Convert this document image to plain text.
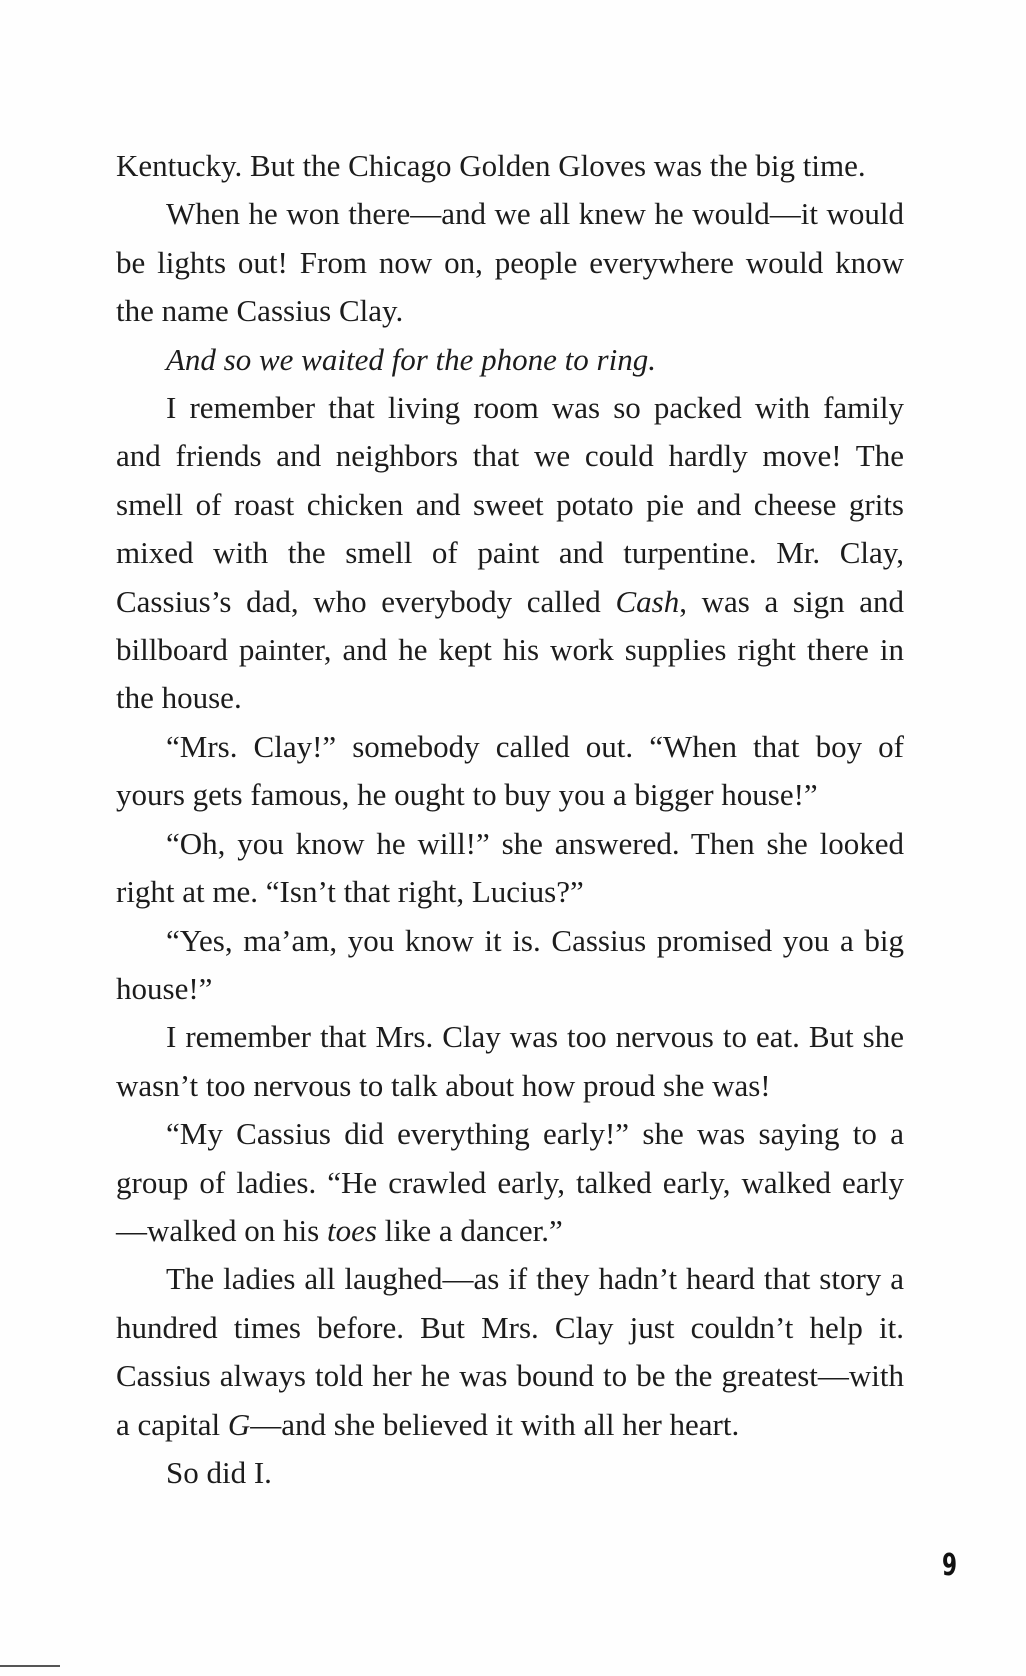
Kentucky. But the Chicago Golden Gloves was the big time.

When he won there—and we all knew he would—it would be lights out! From now on, people everywhere would know the name Cassius Clay.

And so we waited for the phone to ring.

I remember that living room was so packed with family and friends and neighbors that we could hardly move! The smell of roast chicken and sweet potato pie and cheese grits mixed with the smell of paint and turpentine. Mr. Clay, Cassius’s dad, who everybody called Cash, was a sign and billboard painter, and he kept his work supplies right there in the house.

“Mrs. Clay!” somebody called out. “When that boy of yours gets famous, he ought to buy you a bigger house!”

“Oh, you know he will!” she answered. Then she looked right at me. “Isn’t that right, Lucius?”

“Yes, ma’am, you know it is. Cassius promised you a big house!”

I remember that Mrs. Clay was too nervous to eat. But she wasn’t too nervous to talk about how proud she was!

“My Cassius did everything early!” she was saying to a group of ladies. “He crawled early, talked early, walked early—walked on his toes like a dancer.”

The ladies all laughed—as if they hadn’t heard that story a hundred times before. But Mrs. Clay just couldn’t help it. Cassius always told her he was bound to be the greatest—with a capital G—and she believed it with all her heart.

So did I.

9
